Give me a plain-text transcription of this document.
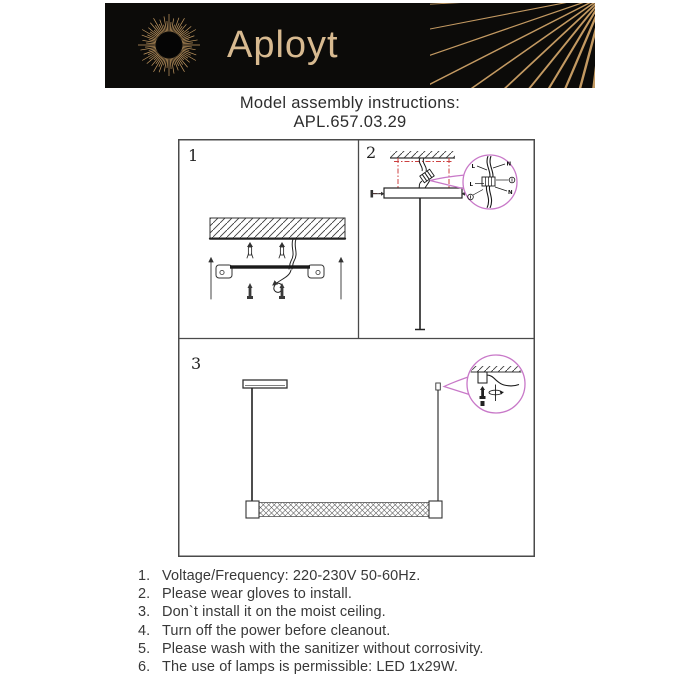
Aployt
Model assembly instructions:
APL.657.03.29
1	2
3
L	N
L
N
1. Voltage/Frequency: 220-230V 50-60Hz.
2. Please wear gloves to install.
3. Don`t install it on the moist ceiling.
4. Turn off the power before cleanout.
5. Please wash with the sanitizer without corrosivity.
6. The use of lamps is permissible: LED 1x29W.
